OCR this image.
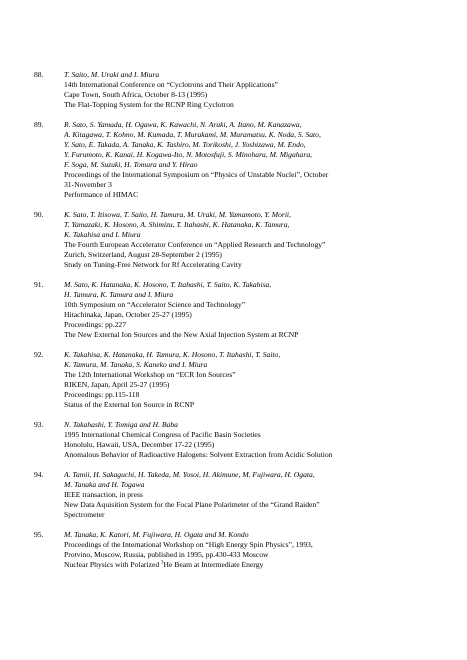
88.	T. Saito, M. Uraki and I. Miura
14th International Conference on “Cyclotrons and Their Applications”
Cape Town, South Africa, October 8-13 (1995)
The Flat-Topping System for the RCNP Ring Cyclotron
89.	R. Sato, S. Yamada, H. Ogawa, K. Kawachi, N. Araki, A. Itano, M. Kanazawa,
A. Kitagawa, T. Kohno, M. Kumada, T. Murakami, M. Muramatsu, K. Noda, S. Sato,
Y. Sato, E. Takada, A. Tanaka, K. Tashiro, M. Torikoshi, J. Yoshizawa, M. Endo,
Y. Furumoto, K. Kanai, H. Kogawa-Ito, N. Motosfuji, S. Minohara, M. Migahara,
F. Soga, M. Suzuki, H. Tomura and Y. Hirao
Proceedings of the International Symposium on “Physics of Unstable Nuclei”, October
31-November 3
Performance of HIMAC
90.	K. Sato, T. Itisowa, T. Saito, H. Tamura, M. Uraki, M. Yamamoto, Y. Morii,
T. Yamazaki, K. Hosono, A. Shimizu, T. Itahashi, K. Hatanaka, K. Tamura,
K. Takahisa and I. Miura
The Fourth European Accelerator Conference on “Applied Research and Technology”
Zurich, Switzerland, August 28-September 2 (1995)
Study on Tuning-Free Network for Rf Accelerating Cavity
91.	M. Sato, K. Hatanaka, K. Hosono, T. Itahashi, T. Saito, K. Takahisa,
H. Tamura, K. Tamura and I. Miura
10th Symposium on “Accelerator Science and Technology”
Hitachinaka, Japan, October 25-27 (1995)
Proceedings: pp.227
The New External Ion Sources and the New Axial Injection System at RCNP
92.	K. Takahisa, K. Hatanaka, H. Tamura, K. Hosono, T. Itahashi, T. Saito,
K. Tamura, M. Tanaka, S. Kaneko and I. Miura
The 12th International Workshop on “ECR Ion Sources”
RIKEN, Japan, April 25-27 (1995)
Proceedings: pp.115-118
Status of the External Ion Source in RCNP
93.	N. Takahashi, Y. Tomiga and H. Baba
1995 International Chemical Congress of Pacific Basin Societies
Honolulu, Hawaii, USA, December 17-22 (1995)
Anomalous Behavior of Radioactive Halogens: Solvent Extraction from Acidic Solution
94.	A. Tamii, H. Sakaguchi, H. Takeda, M. Yosoi, H. Akimune, M. Fujiwara, H. Ogata,
M. Tanaka and H. Togawa
IEEE transaction, in press
New Data Aquisition System for the Focal Plane Polarimeter of the “Grand Raiden”
Spectrometer
95.	M. Tanaka, K. Katori, M. Fujiwara, H. Ogata and M. Kondo
Proceedings of the International Workshop on “High Energy Spin Physics”, 1993,
Protvino, Moscow, Russia, published in 1995, pp.430-433 Moscow
Nuclear Physics with Polarized $^3$He Beam at Intermediate Energy
